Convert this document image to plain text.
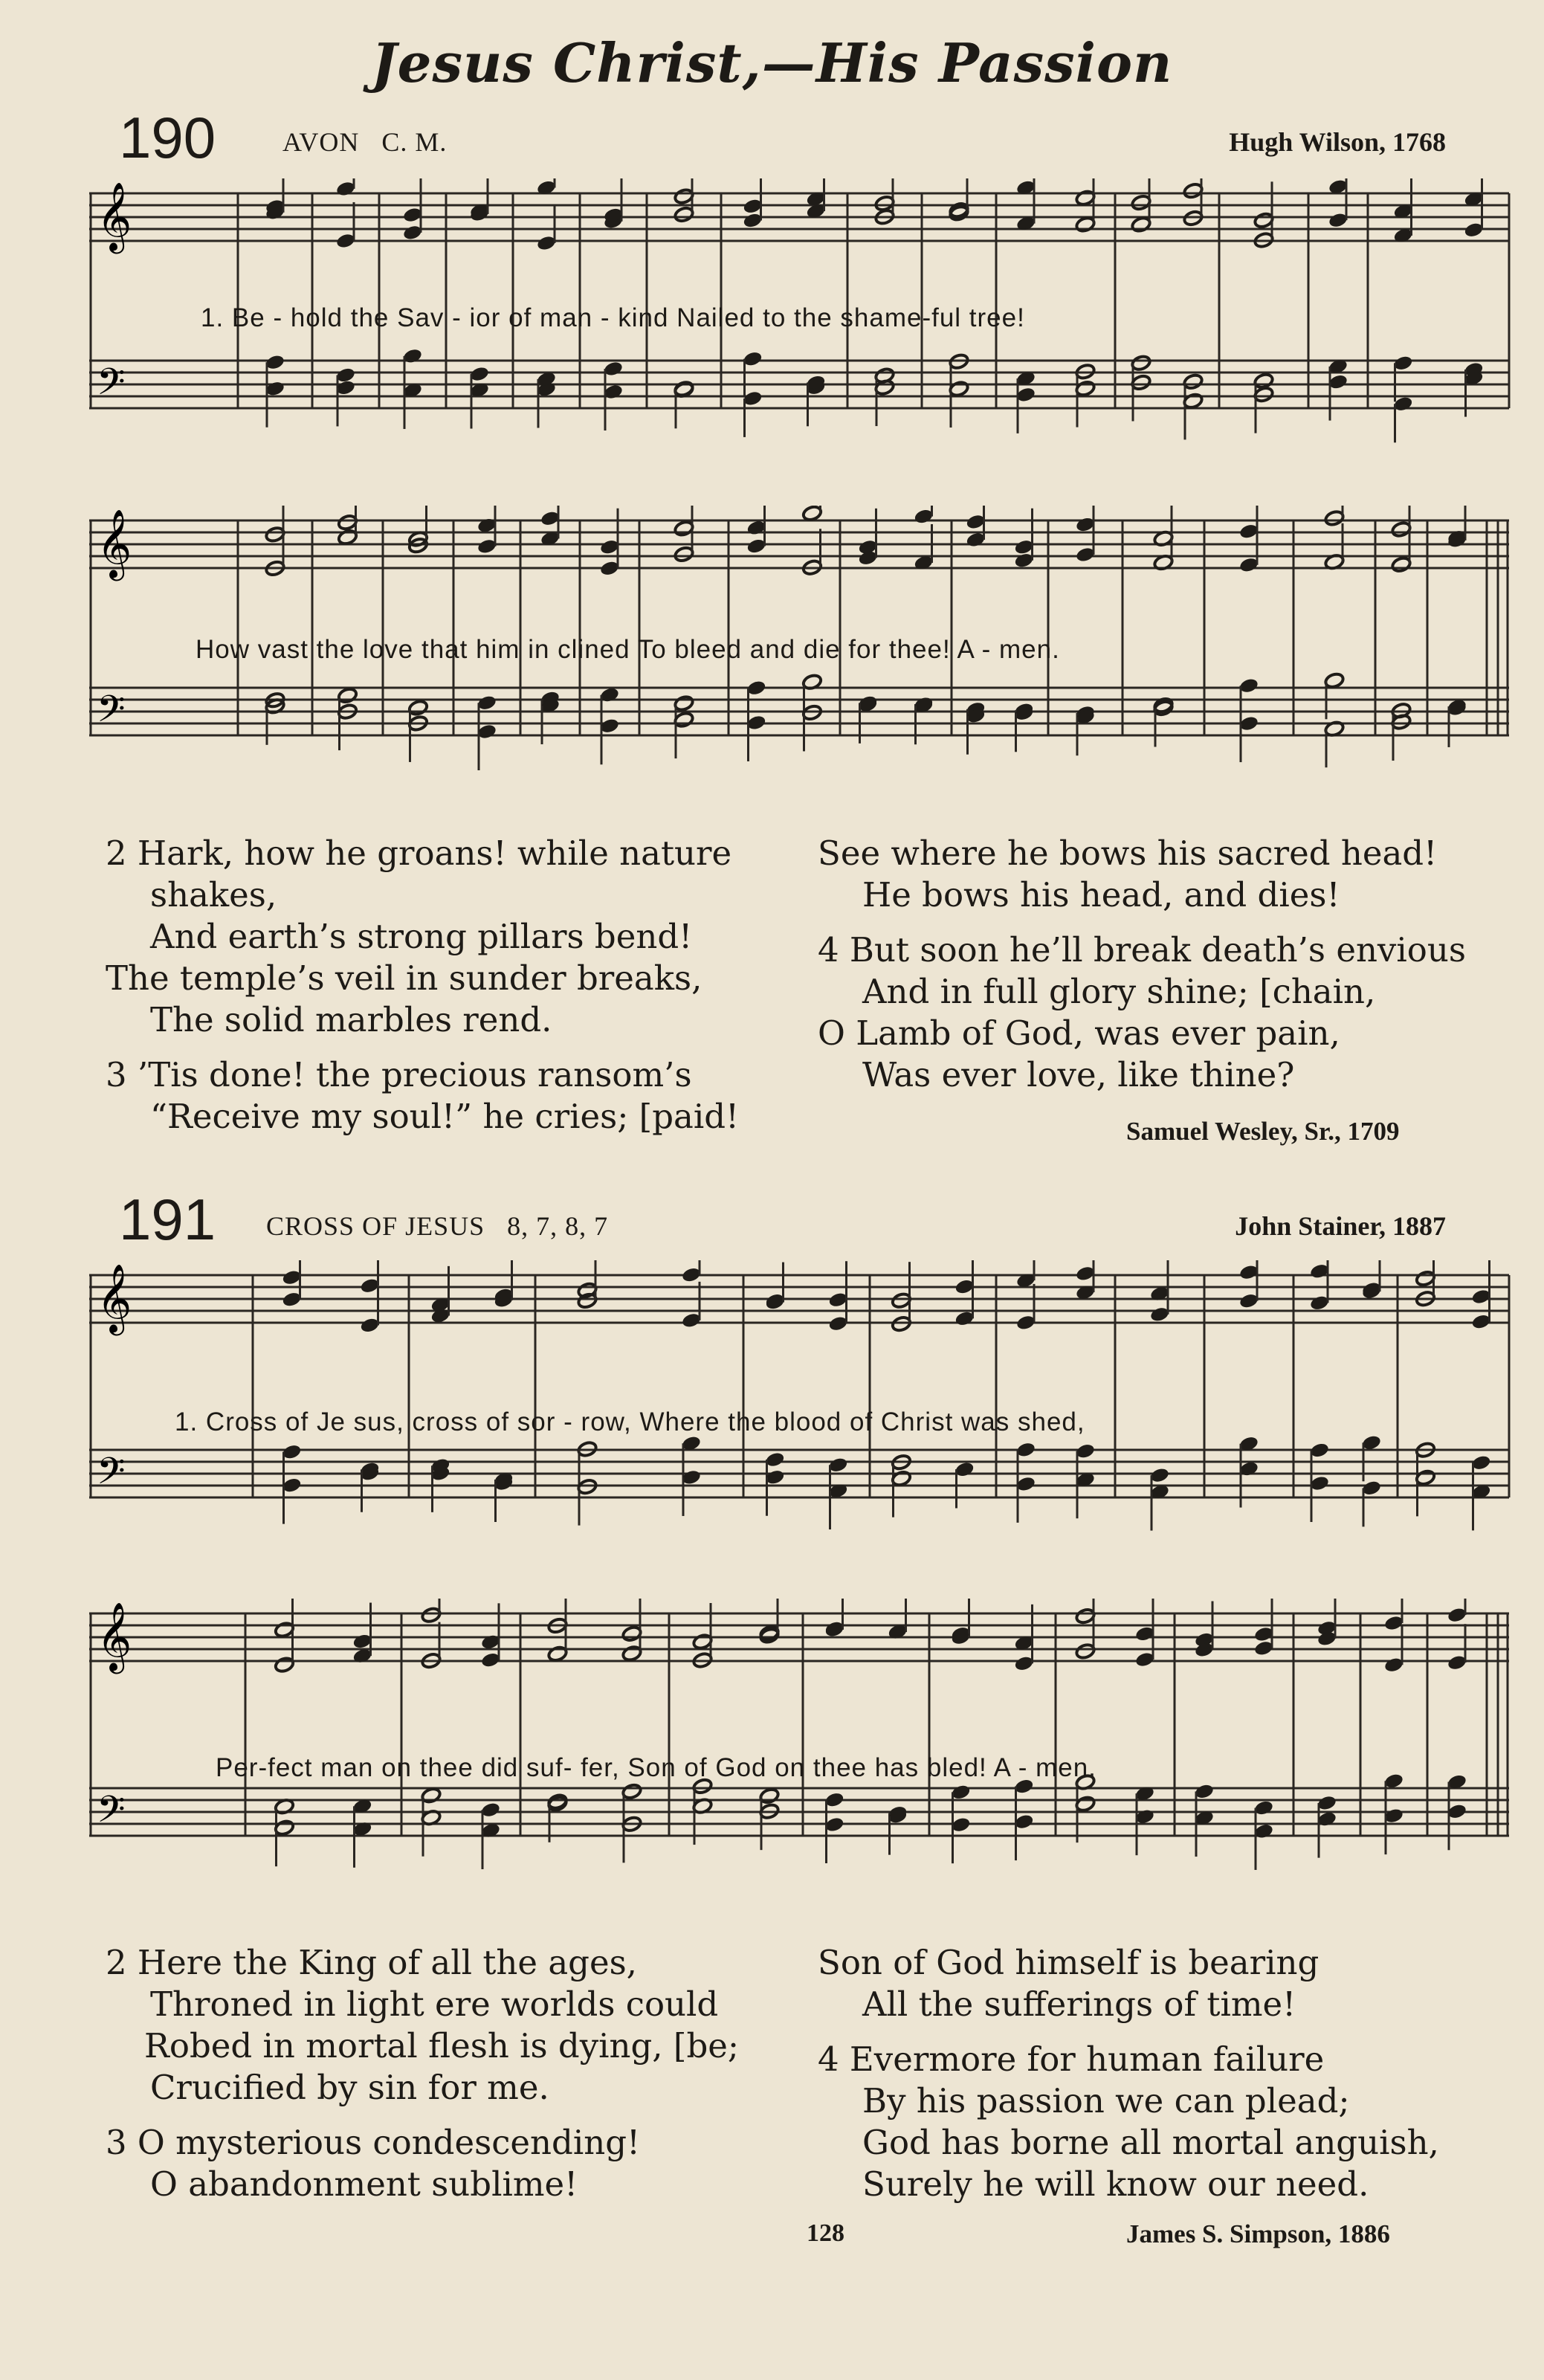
Jesus Christ,—His Passion
190 AVON C. M.	Hugh Wilson, 1768
𝄞
𝄢
1. Be - hold the Sav - ior of man - kind Nailed to the shame-ful tree!
𝄞
𝄢
How vast the love that him in clined To bleed and die for thee! A - men.
2 Hark, how he groans! while nature
shakes,
And earth’s strong pillars bend!
The temple’s veil in sunder breaks,
The solid marbles rend.
3 ’Tis done! the precious ransom’s
“Receive my soul!” he cries; [paid!
See where he bows his sacred head!
He bows his head, and dies!
4 But soon he’ll break death’s envious
And in full glory shine; [chain,
O Lamb of God, was ever pain,
Was ever love, like thine?
Samuel Wesley, Sr., 1709
191 CROSS OF JESUS 8, 7, 8, 7	John Stainer, 1887
𝄞
𝄢
1. Cross of Je sus, cross of sor - row, Where the blood of Christ was shed,
𝄞
𝄢
Per-fect man on thee did suf- fer, Son of God on thee has bled! A - men.
2 Here the King of all the ages,
Throned in light ere worlds could
Robed in mortal flesh is dying, [be;
Crucified by sin for me.
3 O mysterious condescending!
O abandonment sublime!
Son of God himself is bearing
All the sufferings of time!
4 Evermore for human failure
By his passion we can plead;
God has borne all mortal anguish,
Surely he will know our need.
128	James S. Simpson, 1886
